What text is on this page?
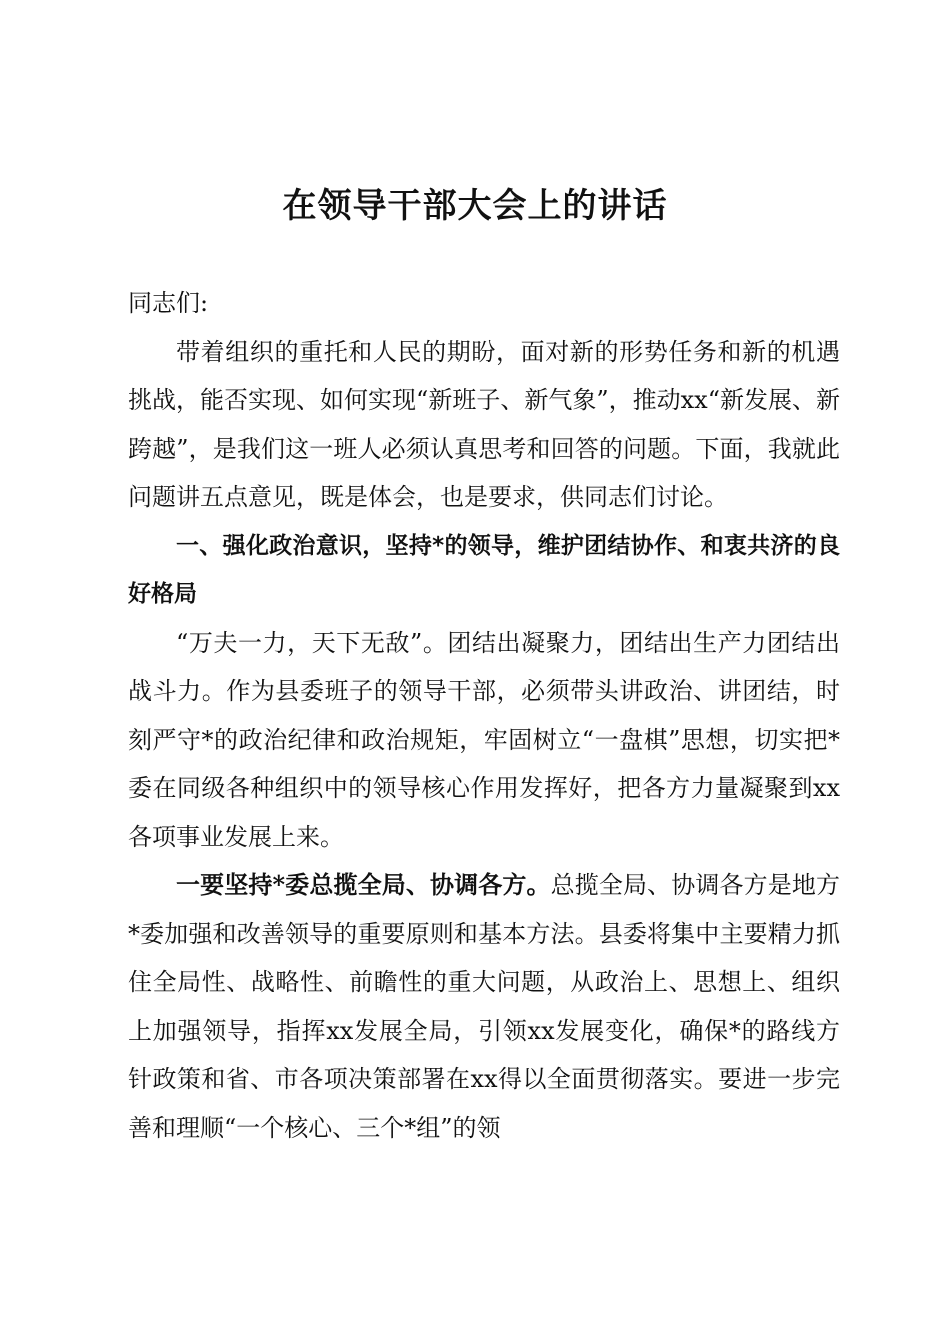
在领导干部大会上的讲话

同志们:

带着组织的重托和人民的期盼，面对新的形势任务和新的机遇挑战，能否实现、如何实现“新班子、新气象”，推动xx“新发展、新跨越”，是我们这一班人必须认真思考和回答的问题。下面，我就此问题讲五点意见，既是体会，也是要求，供同志们讨论。

一、强化政治意识，坚持*的领导，维护团结协作、和衷共济的良好格局

“万夫一力，天下无敌”。团结出凝聚力，团结出生产力团结出战斗力。作为县委班子的领导干部，必须带头讲政治、讲团结，时刻严守*的政治纪律和政治规矩，牢固树立“一盘棋”思想，切实把*委在同级各种组织中的领导核心作用发挥好，把各方力量凝聚到xx各项事业发展上来。

一要坚持*委总揽全局、协调各方。总揽全局、协调各方是地方*委加强和改善领导的重要原则和基本方法。县委将集中主要精力抓住全局性、战略性、前瞻性的重大问题，从政治上、思想上、组织上加强领导，指挥xx发展全局，引领xx发展变化，确保*的路线方针政策和省、市各项决策部署在xx得以全面贯彻落实。要进一步完善和理顺“一个核心、三个*组”的领
